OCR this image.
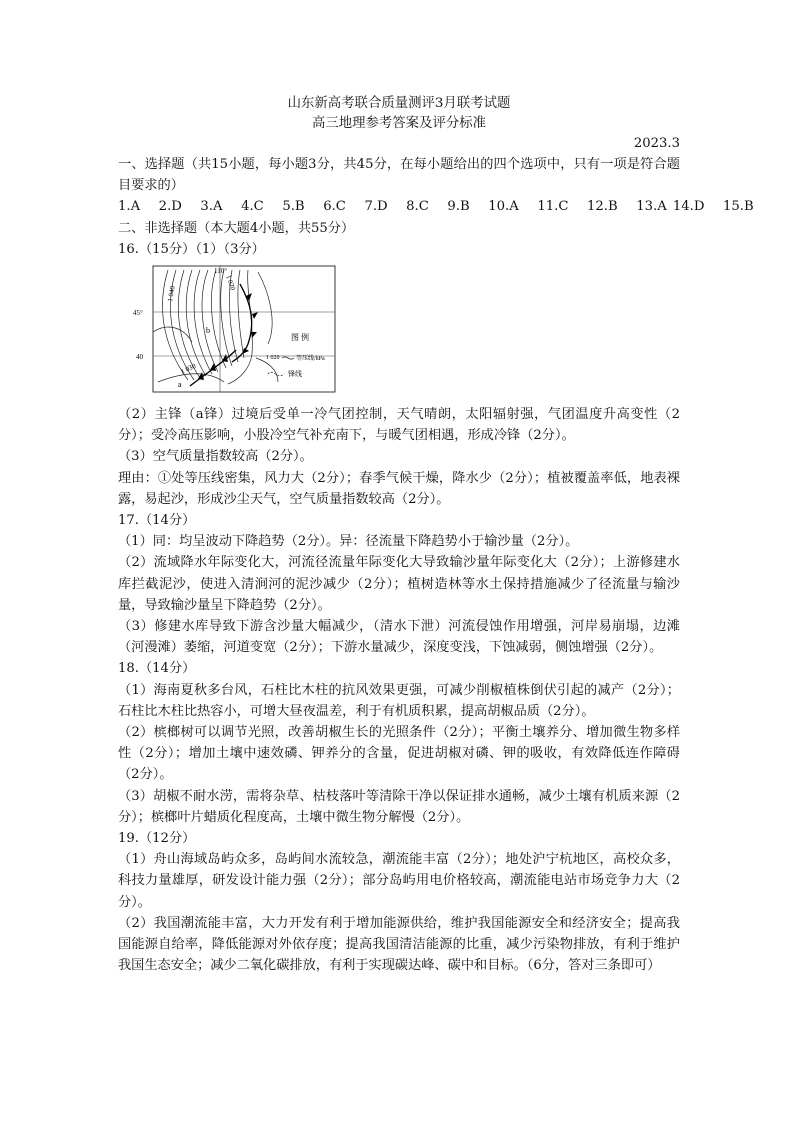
山东新高考联合质量测评3月联考试题
高三地理参考答案及评分标准
2023.3

一、选择题（共15小题，每小题3分，共45分，在每小题给出的四个选项中，只有一项是符合题目要求的）

1.A   2.D   3.A   4.C   5.B   6.C   7.D   8.C   9.B   10.A   11.C   12.B   13.A 14.D   15.B

二、非选择题（本大题4小题，共55分）

16.（15分）（1）（3分）

110°
45°
40
1 040
1 020
1 030
a
b
图 例
1 020	等压线/hPa
锋线

（2）主锋（a锋）过境后受单一冷气团控制，天气晴朗，太阳辐射强，气团温度升高变性（2分）；受冷高压影响，小股冷空气补充南下，与暖气团相遇，形成冷锋（2分）。

（3）空气质量指数较高（2分）。

理由：①处等压线密集，风力大（2分）；春季气候干燥，降水少（2分）；植被覆盖率低，地表裸露，易起沙，形成沙尘天气，空气质量指数较高（2分）。

17.（14分）

（1）同：均呈波动下降趋势（2分）。异：径流量下降趋势小于输沙量（2分）。

（2）流域降水年际变化大，河流径流量年际变化大导致输沙量年际变化大（2分）；上游修建水库拦截泥沙，使进入清涧河的泥沙减少（2分）；植树造林等水土保持措施减少了径流量与输沙量，导致输沙量呈下降趋势（2分）。

（3）修建水库导致下游含沙量大幅减少，（清水下泄）河流侵蚀作用增强，河岸易崩塌，边滩（河漫滩）萎缩，河道变宽（2分）；下游水量减少，深度变浅，下蚀减弱，侧蚀增强（2分）。

18.（14分）

（1）海南夏秋多台风，石柱比木柱的抗风效果更强，可减少削椒植株倒伏引起的减产（2分）；石柱比木柱比热容小，可增大昼夜温差，利于有机质积累，提高胡椒品质（2分）。

（2）槟榔树可以调节光照，改善胡椒生长的光照条件（2分）；平衡土壤养分、增加微生物多样性（2分）；增加土壤中速效磷、钾养分的含量，促进胡椒对磷、钾的吸收，有效降低连作障碍（2分）。

（3）胡椒不耐水涝，需将杂草、枯枝落叶等清除干净以保证排水通畅，减少土壤有机质来源（2分）；槟榔叶片蜡质化程度高，土壤中微生物分解慢（2分）。

19.（12分）

（1）舟山海域岛屿众多，岛屿间水流较急，潮流能丰富（2分）；地处沪宁杭地区，高校众多，科技力量雄厚，研发设计能力强（2分）；部分岛屿用电价格较高，潮流能电站市场竞争力大（2分）。

（2）我国潮流能丰富，大力开发有利于增加能源供给，维护我国能源安全和经济安全；提高我国能源自给率，降低能源对外依存度；提高我国清洁能源的比重，减少污染物排放，有利于维护我国生态安全；减少二氧化碳排放，有利于实现碳达峰、碳中和目标。（6分，答对三条即可）
